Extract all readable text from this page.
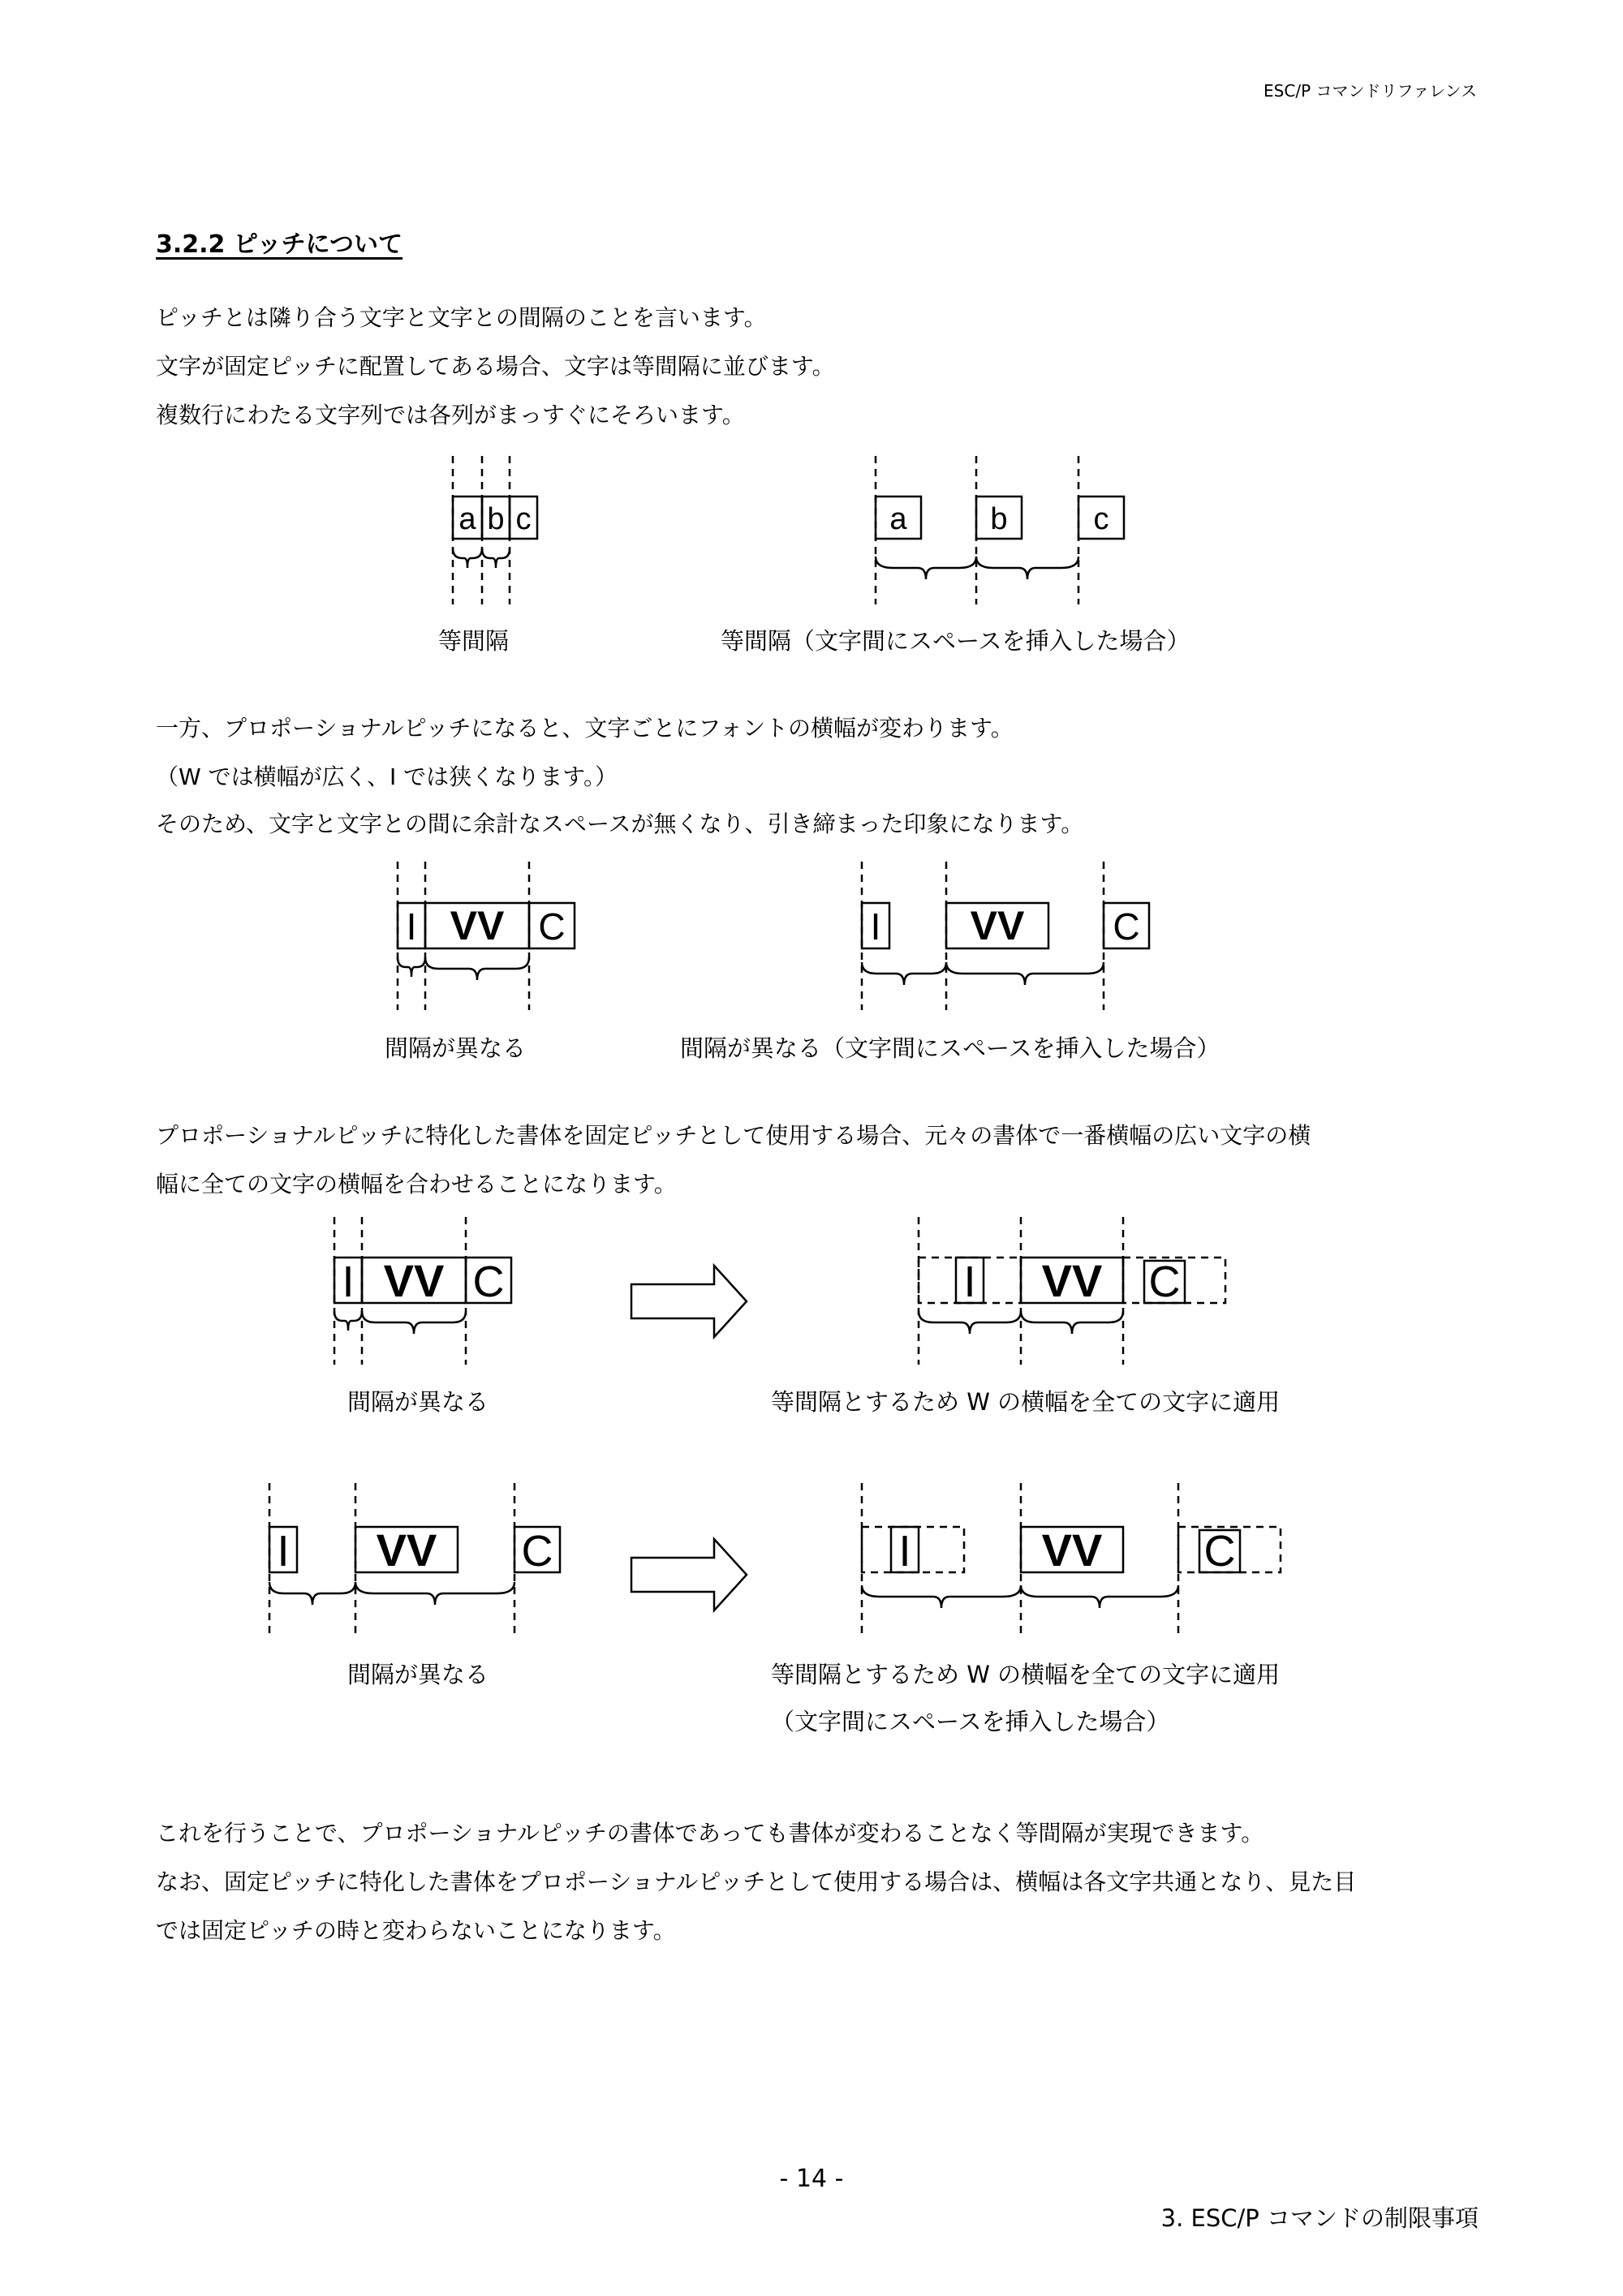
ESC/P コマンドリファレンス
3.2.2 ピッチについて
ピッチとは隣り合う文字と文字との間隔のことを言います。
文字が固定ピッチに配置してある場合、文字は等間隔に並びます。
複数行にわたる文字列では各列がまっすぐにそろいます。
a b c	a	b	c
等間隔	等間隔（文字間にスペースを挿入した場合）
一方、プロポーショナルピッチになると、文字ごとにフォントの横幅が変わります。
（W では横幅が広く、I では狭くなります。）
そのため、文字と文字との間に余計なスペースが無くなり、引き締まった印象になります。
I VV C	I VV C
間隔が異なる	間隔が異なる（文字間にスペースを挿入した場合）
プロポーショナルピッチに特化した書体を固定ピッチとして使用する場合、元々の書体で一番横幅の広い文字の横
幅に全ての文字の横幅を合わせることになります。
I VV C	I VV C
間隔が異なる	等間隔とするため W の横幅を全ての文字に適用
I VV C	I	VV C
間隔が異なる	等間隔とするため W の横幅を全ての文字に適用
（文字間にスペースを挿入した場合）
これを行うことで、プロポーショナルピッチの書体であっても書体が変わることなく等間隔が実現できます。
なお、固定ピッチに特化した書体をプロポーショナルピッチとして使用する場合は、横幅は各文字共通となり、見た目
では固定ピッチの時と変わらないことになります。
- 14 -
3. ESC/P コマンドの制限事項
